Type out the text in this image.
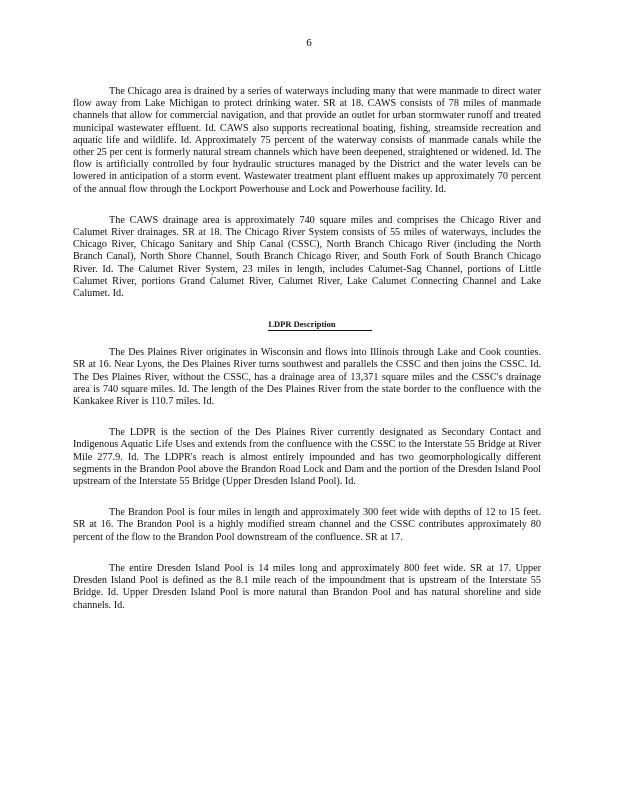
6

The Chicago area is drained by a series of waterways including many that were manmade to direct water flow away from Lake Michigan to protect drinking water. SR at 18. CAWS consists of 78 miles of manmade channels that allow for commercial navigation, and that provide an outlet for urban stormwater runoff and treated municipal wastewater effluent. Id. CAWS also supports recreational boating, fishing, streamside recreation and aquatic life and wildlife. Id. Approximately 75 percent of the waterway consists of manmade canals while the other 25 per cent is formerly natural stream channels which have been deepened, straightened or widened. Id. The flow is artificially controlled by four hydraulic structures managed by the District and the water levels can be lowered in anticipation of a storm event. Wastewater treatment plant effluent makes up approximately 70 percent of the annual flow through the Lockport Powerhouse and Lock and Powerhouse facility. Id.

The CAWS drainage area is approximately 740 square miles and comprises the Chicago River and Calumet River drainages. SR at 18. The Chicago River System consists of 55 miles of waterways, includes the Chicago River, Chicago Sanitary and Ship Canal (CSSC), North Branch Chicago River (including the North Branch Canal), North Shore Channel, South Branch Chicago River, and South Fork of South Branch Chicago River. Id. The Calumet River System, 23 miles in length, includes Calumet-Sag Channel, portions of Little Calumet River, portions Grand Calumet River, Calumet River, Lake Calumet Connecting Channel and Lake Calumet. Id.

LDPR Description

The Des Plaines River originates in Wisconsin and flows into Illinois through Lake and Cook counties. SR at 16. Near Lyons, the Des Plaines River turns southwest and parallels the CSSC and then joins the CSSC. Id. The Des Plaines River, without the CSSC, has a drainage area of 13,371 square miles and the CSSC's drainage area is 740 square miles. Id. The length of the Des Plaines River from the state border to the confluence with the Kankakee River is 110.7 miles. Id.

The LDPR is the section of the Des Plaines River currently designated as Secondary Contact and Indigenous Aquatic Life Uses and extends from the confluence with the CSSC to the Interstate 55 Bridge at River Mile 277.9. Id. The LDPR's reach is almost entirely impounded and has two geomorphologically different segments in the Brandon Pool above the Brandon Road Lock and Dam and the portion of the Dresden Island Pool upstream of the Interstate 55 Bridge (Upper Dresden Island Pool). Id.

The Brandon Pool is four miles in length and approximately 300 feet wide with depths of 12 to 15 feet. SR at 16. The Brandon Pool is a highly modified stream channel and the CSSC contributes approximately 80 percent of the flow to the Brandon Pool downstream of the confluence. SR at 17.

The entire Dresden Island Pool is 14 miles long and approximately 800 feet wide. SR at 17. Upper Dresden Island Pool is defined as the 8.1 mile reach of the impoundment that is upstream of the Interstate 55 Bridge. Id. Upper Dresden Island Pool is more natural than Brandon Pool and has natural shoreline and side channels. Id.
